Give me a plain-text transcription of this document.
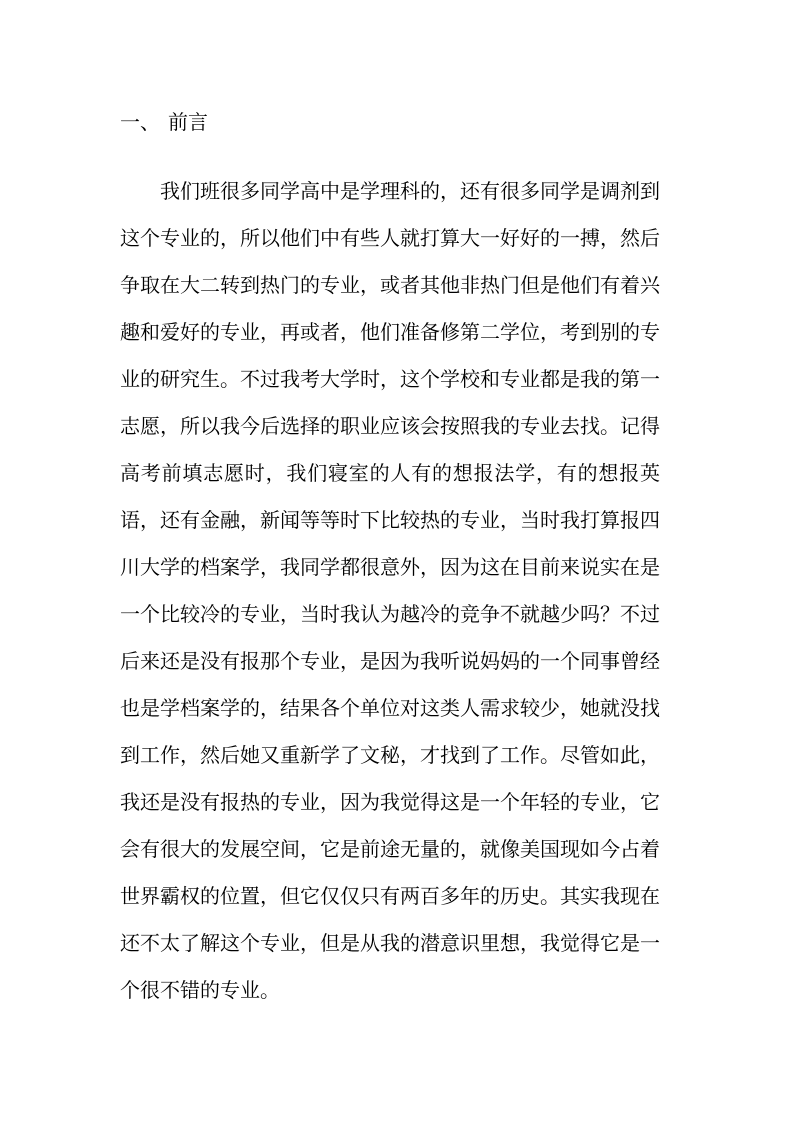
一、 前言

我们班很多同学高中是学理科的，还有很多同学是调剂到这个专业的，所以他们中有些人就打算大一好好的一搏，然后争取在大二转到热门的专业，或者其他非热门但是他们有着兴趣和爱好的专业，再或者，他们准备修第二学位，考到别的专业的研究生。不过我考大学时，这个学校和专业都是我的第一志愿，所以我今后选择的职业应该会按照我的专业去找。记得高考前填志愿时，我们寝室的人有的想报法学，有的想报英语，还有金融，新闻等等时下比较热的专业，当时我打算报四川大学的档案学，我同学都很意外，因为这在目前来说实在是一个比较冷的专业，当时我认为越冷的竞争不就越少吗？不过后来还是没有报那个专业，是因为我听说妈妈的一个同事曾经也是学档案学的，结果各个单位对这类人需求较少，她就没找到工作，然后她又重新学了文秘，才找到了工作。尽管如此，我还是没有报热的专业，因为我觉得这是一个年轻的专业，它会有很大的发展空间，它是前途无量的，就像美国现如今占着世界霸权的位置，但它仅仅只有两百多年的历史。其实我现在还不太了解这个专业，但是从我的潜意识里想，我觉得它是一个很不错的专业。
